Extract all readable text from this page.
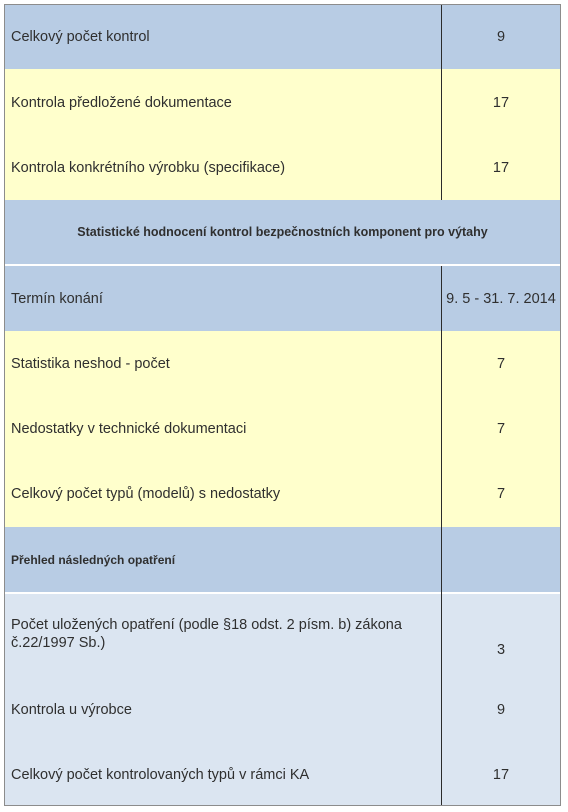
Celkový počet kontrol	9
Kontrola předložené dokumentace	17
Kontrola konkrétního výrobku (specifikace)	17
Statistické hodnocení kontrol bezpečnostních komponent pro výtahy
Termín konání	9. 5 - 31. 7. 2014
Statistika neshod - počet	7
Nedostatky v technické dokumentaci	7
Celkový počet typů (modelů) s nedostatky	7
Přehled následných opatření
Počet uložených opatření (podle §18 odst. 2 písm. b) zákona č.22/1997 Sb.)	3
Kontrola u výrobce	9
Celkový počet kontrolovaných typů v rámci KA	17
